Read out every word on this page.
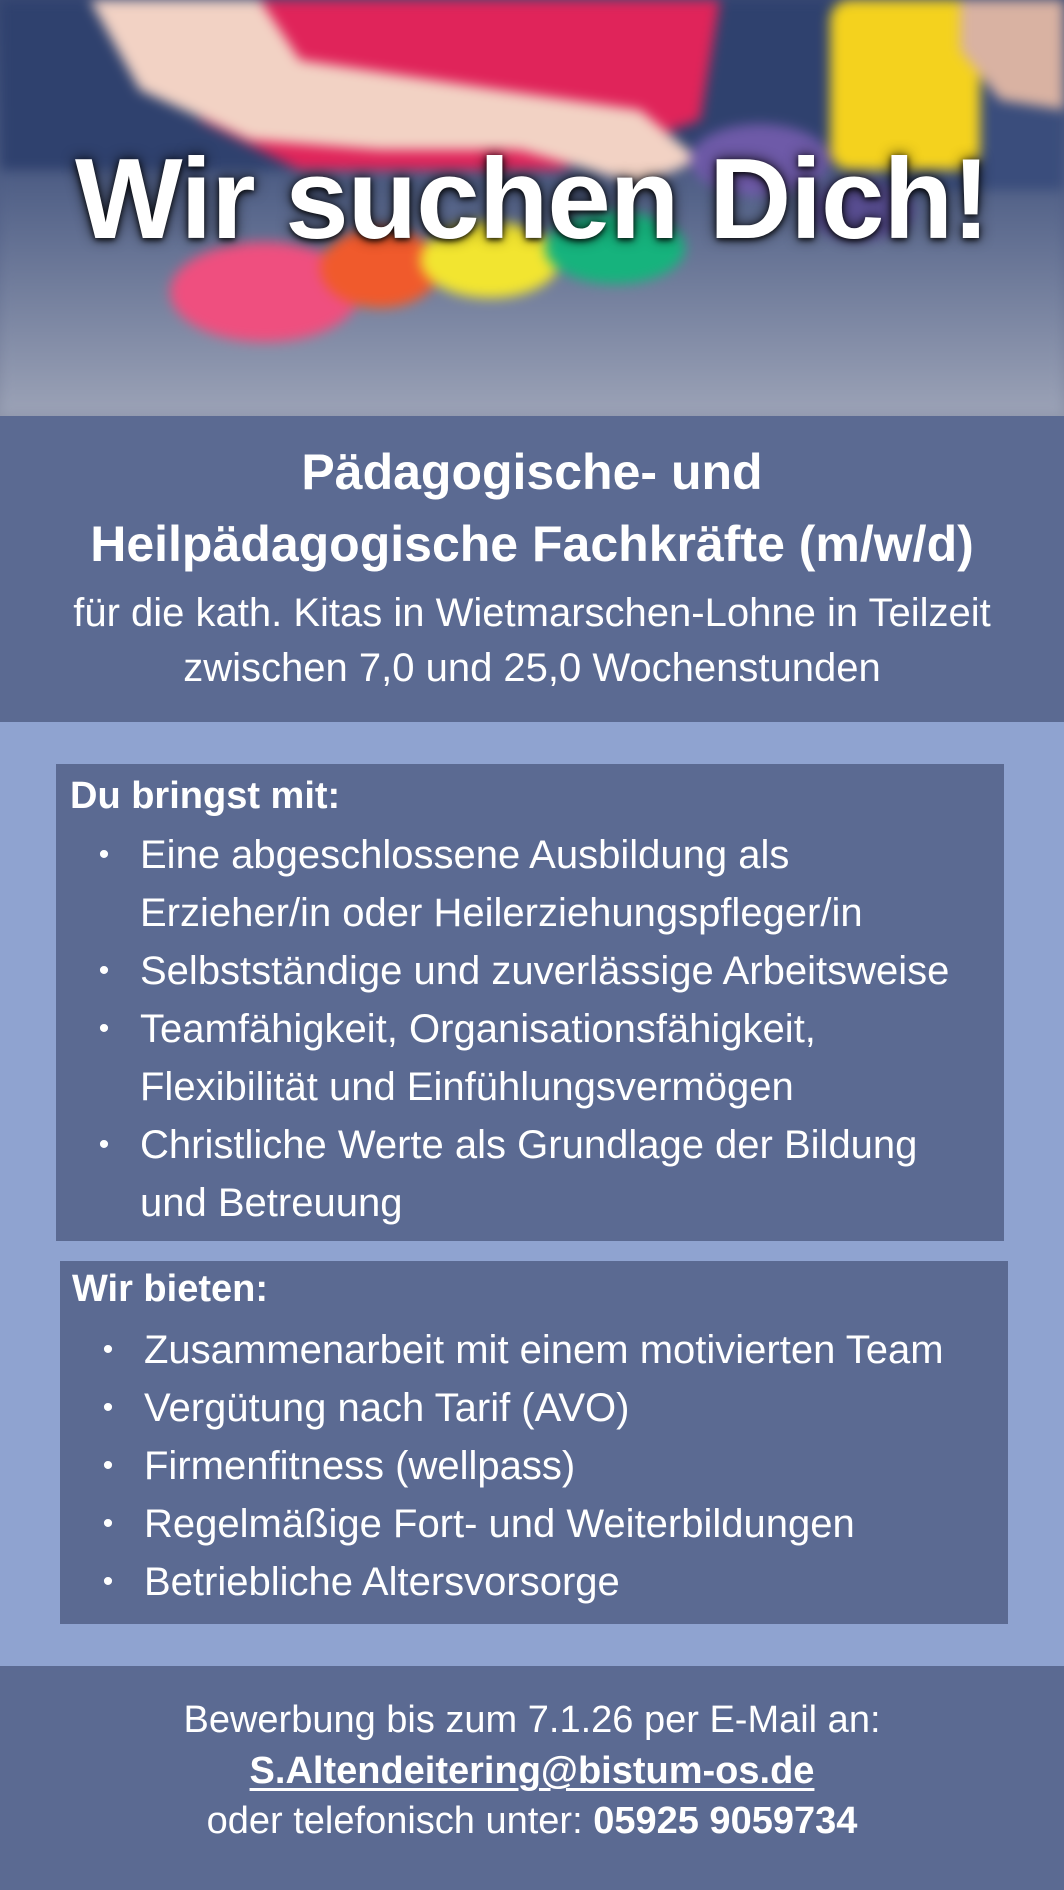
Wir suchen Dich!
Pädagogische- und
Heilpädagogische Fachkräfte (m/w/d)
für die kath. Kitas in Wietmarschen-Lohne in Teilzeit
zwischen 7,0 und 25,0 Wochenstunden
Du bringst mit:
• Eine abgeschlossene Ausbildung als
Erzieher/in oder Heilerziehungspfleger/in
• Selbstständige und zuverlässige Arbeitsweise
• Teamfähigkeit, Organisationsfähigkeit,
Flexibilität und Einfühlungsvermögen
• Christliche Werte als Grundlage der Bildung
und Betreuung
Wir bieten:
• Zusammenarbeit mit einem motivierten Team
• Vergütung nach Tarif (AVO)
• Firmenfitness (wellpass)
• Regelmäßige Fort- und Weiterbildungen
• Betriebliche Altersvorsorge
Bewerbung bis zum 7.1.26 per E-Mail an:
S.Altendeitering@bistum-os.de
oder telefonisch unter: 05925 9059734
